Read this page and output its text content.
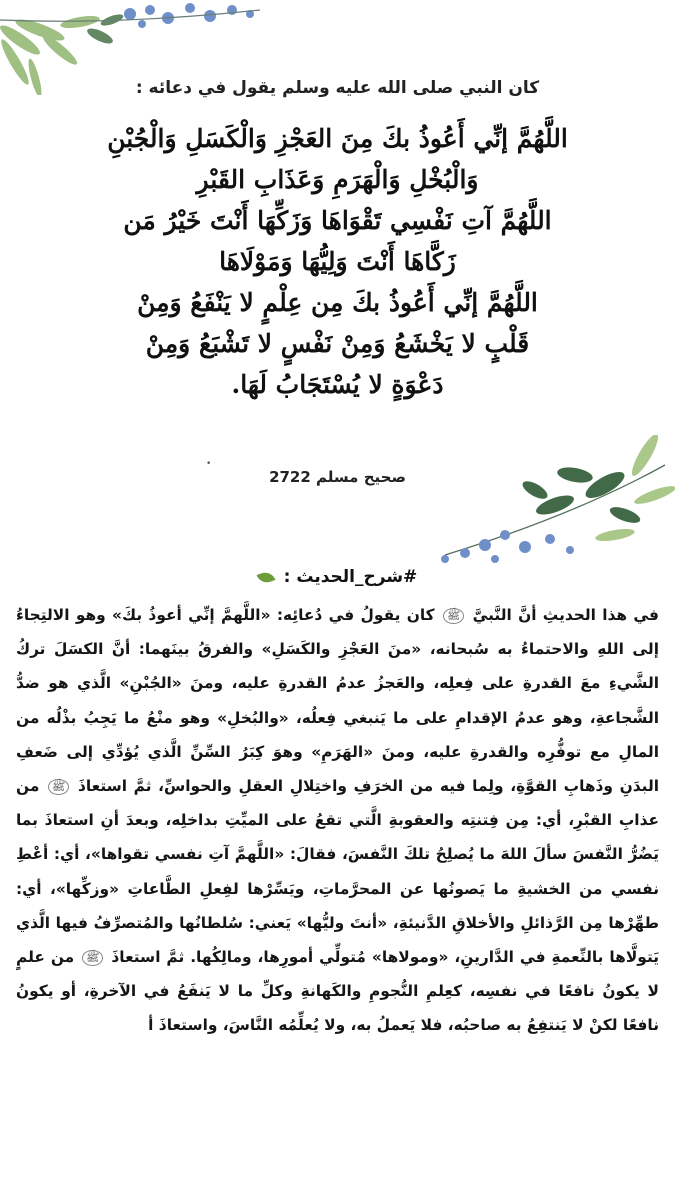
كان النبي صلى الله عليه وسلم يقول في دعائه :

اللَّهُمَّ إنِّي أَعُوذُ بكَ مِنَ العَجْزِ وَالْكَسَلِ وَالْجُبْنِ

وَالْبُخْلِ وَالْهَرَمِ وَعَذَابِ القَبْرِ

اللَّهُمَّ آتِ نَفْسِي تَقْوَاهَا وَزَكِّهَا أَنْتَ خَيْرُ مَن

زَكَّاهَا أَنْتَ وَلِيُّهَا وَمَوْلَاهَا

اللَّهُمَّ إنِّي أَعُوذُ بكَ مِن عِلْمٍ لا يَنْفَعُ وَمِنْ

قَلْبٍ لا يَخْشَعُ وَمِنْ نَفْسٍ لا تَشْبَعُ وَمِنْ

دَعْوَةٍ لا يُسْتَجَابُ لَهَا.

•
صحيح مسلم 2722
#شرح_الحديث :

في هذا الحديثِ أنَّ النَّبيَّ ﷺ كان يقولُ في دُعائِه: «اللَّهمَّ إنِّي أعوذُ بكَ» وهو الالتِجاءُ إلى اللهِ والاحتماءُ به سُبحانه، «منَ العَجْزِ والكَسَلِ» والفرقُ بينَهما: أنَّ الكسَلَ تركُ الشَّيءِ معَ القدرةِ على فِعلِه، والعَجزُ عدمُ القدرةِ عليه، ومنَ «الجُبْنِ» الَّذي هو ضدُّ الشَّجاعةِ، وهو عدمُ الإقدامِ على ما يَنبغي فِعلُه، «والبُخلِ» وهو منْعُ ما يَجِبُ بذْلُه من المالِ مع توفُّرِه والقدرةِ عليه، ومنَ «الهَرَمِ» وهوَ كِبَرُ السِّنِّ الَّذي يُؤدِّي إلى ضَعفِ البدَنِ وذَهابِ القوَّةِ، ولِما فيه من الخرَفِ واختِلالِ العقلِ والحواسِّ، ثمَّ استعاذَ ﷺ من عذابِ القبْرِ، أي: مِن فِتنتِه والعقوبةِ الَّتي تقعُ على الميِّتِ بداخلِه، وبعدَ أنِ استعاذَ بما يَضُرُّ النَّفسَ سألَ اللهَ ما يُصلِحُ تلكَ النَّفسَ، فقالَ: «اللَّهمَّ آتِ نفسي تقواها»، أي: أعْطِ نفسي من الخشيةِ ما يَصونُها عن المحرَّماتِ، ويَسِّرْها لفِعلِ الطَّاعاتِ «وزكِّها»، أي: طهِّرْها مِن الرَّذائلِ والأخلاقِ الدَّنيئةِ، «أنتَ وليُّها» يَعني: سُلطانُها والمُتصرِّفُ فيها الَّذي يَتولَّاها بالنِّعمةِ في الدَّارينِ، «ومولاها» مُتولِّي أمورِها، ومالِكُها. ثمَّ استعاذَ ﷺ من علمٍ لا يكونُ نافعًا في نفسِه، كعِلمِ النُّجومِ والكَهانةِ وكلِّ ما لا يَنفَعُ في الآخرةِ، أو يكونُ نافعًا لكنْ لا يَنتفِعُ به صاحبُه، فلا يَعملُ به، ولا يُعلِّمُه النَّاسَ، واستعاذَ أ
